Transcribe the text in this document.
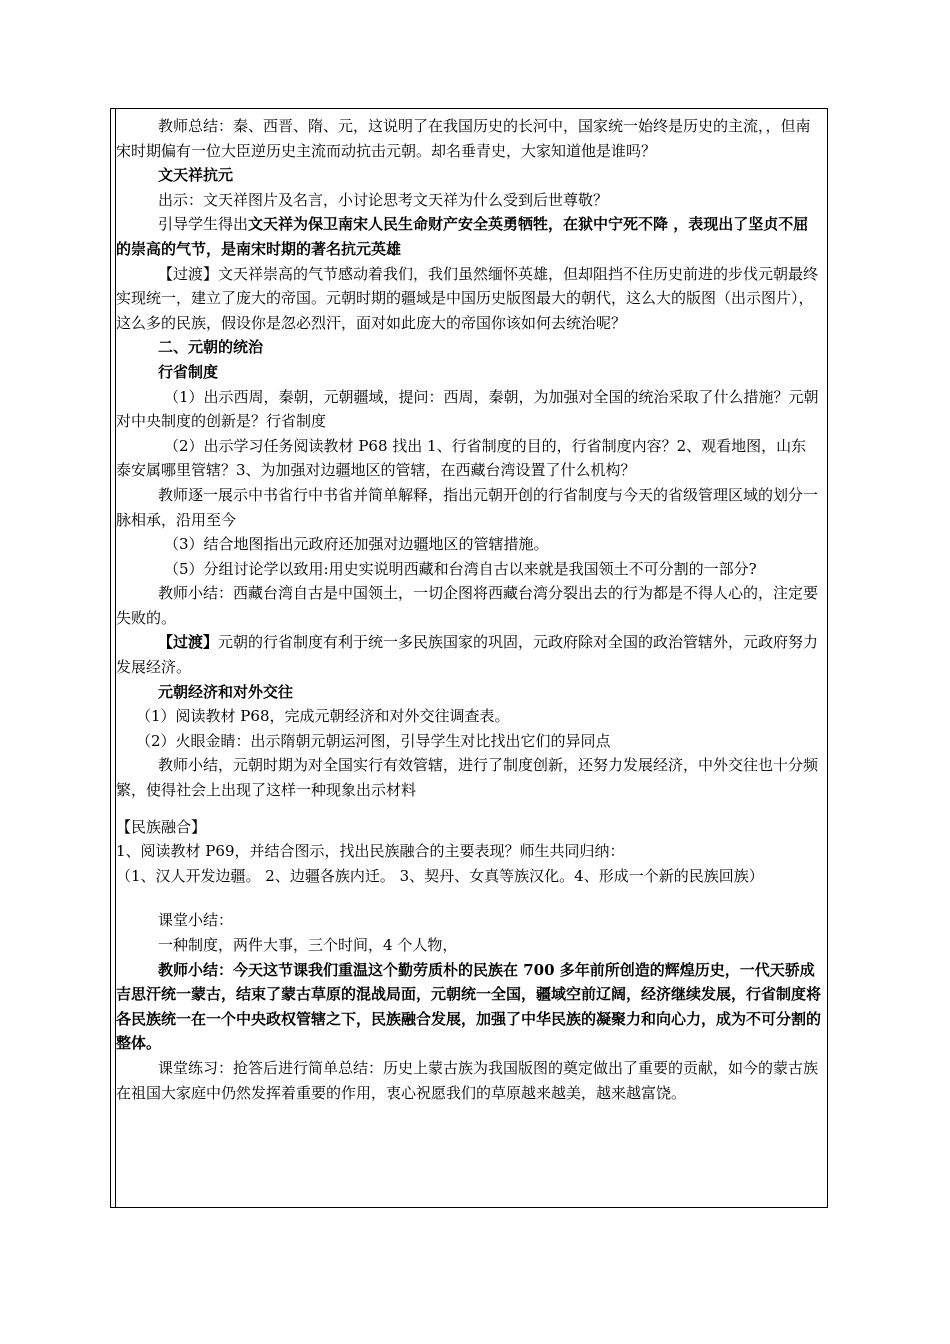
教师总结：秦、西晋、隋、元，这说明了在我国历史的长河中，国家统一始终是历史的主流，，但南宋时期偏有一位大臣逆历史主流而动抗击元朝。却名垂青史，大家知道他是谁吗？

文天祥抗元

出示：文天祥图片及名言，小讨论思考文天祥为什么受到后世尊敬？

引导学生得出文天祥为保卫南宋人民生命财产安全英勇牺牲，在狱中宁死不降 ，表现出了坚贞不屈的崇高的气节，是南宋时期的著名抗元英雄

【过渡】文天祥崇高的气节感动着我们，我们虽然缅怀英雄，但却阻挡不住历史前进的步伐元朝最终实现统一，建立了庞大的帝国。元朝时期的疆域是中国历史版图最大的朝代，这么大的版图（出示图片），这么多的民族，假设你是忽必烈汗，面对如此庞大的帝国你该如何去统治呢？

二、元朝的统治

行省制度

（1）出示西周，秦朝，元朝疆域，提问：西周，秦朝，为加强对全国的统治采取了什么措施？元朝对中央制度的创新是？行省制度

（2）出示学习任务阅读教材 P68 找出 1、行省制度的目的，行省制度内容？2、观看地图，山东泰安属哪里管辖？3、为加强对边疆地区的管辖，在西藏台湾设置了什么机构？

教师逐一展示中书省行中书省并简单解释，指出元朝开创的行省制度与今天的省级管理区域的划分一脉相承，沿用至今

（3）结合地图指出元政府还加强对边疆地区的管辖措施。

（5）分组讨论学以致用:用史实说明西藏和台湾自古以来就是我国领土不可分割的一部分?

教师小结：西藏台湾自古是中国领土，一切企图将西藏台湾分裂出去的行为都是不得人心的，注定要失败的。

【过渡】元朝的行省制度有利于统一多民族国家的巩固，元政府除对全国的政治管辖外，元政府努力发展经济。

元朝经济和对外交往

（1）阅读教材 P68，完成元朝经济和对外交往调查表。

（2）火眼金睛：出示隋朝元朝运河图，引导学生对比找出它们的异同点

教师小结，元朝时期为对全国实行有效管辖，进行了制度创新，还努力发展经济，中外交往也十分频繁，使得社会上出现了这样一种现象出示材料

【民族融合】

1、阅读教材 P69，并结合图示，找出民族融合的主要表现？师生共同归纳：

（1、汉人开发边疆。 2、边疆各族内迁。 3、契丹、女真等族汉化。4、形成一个新的民族回族）

课堂小结：

一种制度，两件大事，三个时间，4 个人物，

教师小结：今天这节课我们重温这个勤劳质朴的民族在 700 多年前所创造的辉煌历史，一代天骄成吉思汗统一蒙古，结束了蒙古草原的混战局面，元朝统一全国，疆域空前辽阔，经济继续发展，行省制度将各民族统一在一个中央政权管辖之下，民族融合发展，加强了中华民族的凝聚力和向心力，成为不可分割的整体。

课堂练习：抢答后进行简单总结：历史上蒙古族为我国版图的奠定做出了重要的贡献，如今的蒙古族在祖国大家庭中仍然发挥着重要的作用，衷心祝愿我们的草原越来越美，越来越富饶。
